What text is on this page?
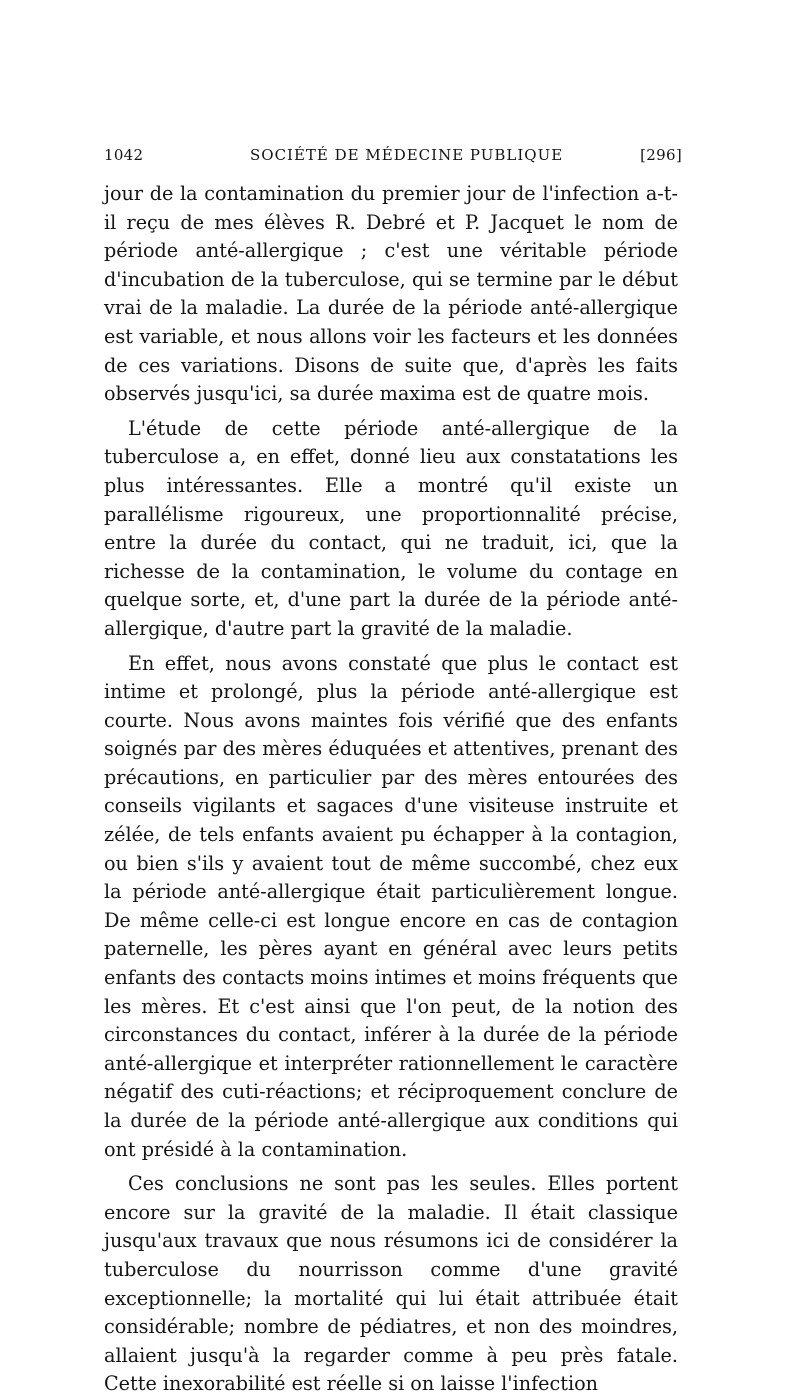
1042	SOCIÉTÉ DE MÉDECINE PUBLIQUE	[296]

jour de la contamination du premier jour de l'infection a-t-il reçu de mes élèves R. Debré et P. Jacquet le nom de période anté-allergique ; c'est une véritable période d'incubation de la tuberculose, qui se termine par le début vrai de la maladie. La durée de la période anté-allergique est variable, et nous allons voir les facteurs et les données de ces variations. Disons de suite que, d'après les faits observés jusqu'ici, sa durée maxima est de quatre mois.

L'étude de cette période anté-allergique de la tuberculose a, en effet, donné lieu aux constatations les plus intéressantes. Elle a montré qu'il existe un parallélisme rigoureux, une proportionnalité précise, entre la durée du contact, qui ne traduit, ici, que la richesse de la contamination, le volume du contage en quelque sorte, et, d'une part la durée de la période anté-allergique, d'autre part la gravité de la maladie.

En effet, nous avons constaté que plus le contact est intime et prolongé, plus la période anté-allergique est courte. Nous avons maintes fois vérifié que des enfants soignés par des mères éduquées et attentives, prenant des précautions, en particulier par des mères entourées des conseils vigilants et sagaces d'une visiteuse instruite et zélée, de tels enfants avaient pu échapper à la contagion, ou bien s'ils y avaient tout de même succombé, chez eux la période anté-allergique était particulièrement longue. De même celle-ci est longue encore en cas de contagion paternelle, les pères ayant en général avec leurs petits enfants des contacts moins intimes et moins fréquents que les mères. Et c'est ainsi que l'on peut, de la notion des circonstances du contact, inférer à la durée de la période anté-allergique et interpréter rationnellement le caractère négatif des cuti-réactions; et réciproquement conclure de la durée de la période anté-allergique aux conditions qui ont présidé à la contamination.

Ces conclusions ne sont pas les seules. Elles portent encore sur la gravité de la maladie. Il était classique jusqu'aux travaux que nous résumons ici de considérer la tuberculose du nourrisson comme d'une gravité exceptionnelle; la mortalité qui lui était attribuée était considérable; nombre de pédiatres, et non des moindres, allaient jusqu'à la regarder comme à peu près fatale. Cette inexorabilité est réelle si on laisse l'infection
